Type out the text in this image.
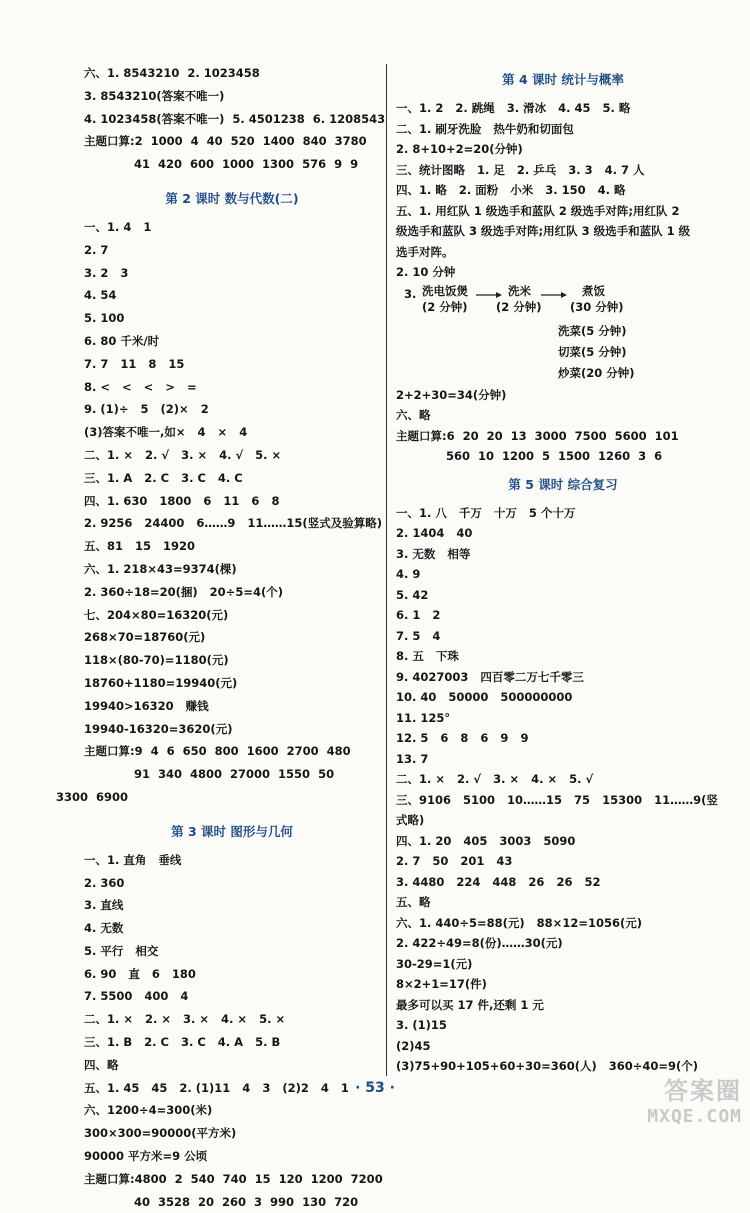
六、1. 8543210  2. 1023458
3. 8543210(答案不唯一)
4. 1023458(答案不唯一)  5. 4501238  6. 1208543
主题口算:2  1000  4  40  520  1400  840  3780
41  420  600  1000  1300  576  9  9
第 2 课时 数与代数(二)
一、1. 4   1
2. 7
3. 2   3
4. 54
5. 100
6. 80 千米/时
7. 7   11   8   15
8. <   <   <   >   =
9. (1)÷   5   (2)×   2
(3)答案不唯一,如×   4   ×   4
二、1. ×   2. √   3. ×   4. √   5. ×
三、1. A   2. C   3. C   4. C
四、1. 630   1800   6   11   6   8
2. 9256   24400   6……9   11……15(竖式及验算略)
五、81   15   1920
六、1. 218×43=9374(棵)
2. 360÷18=20(捆)   20÷5=4(个)
七、204×80=16320(元)
268×70=18760(元)
118×(80-70)=1180(元)
18760+1180=19940(元)
19940>16320   赚钱
19940-16320=3620(元)
主题口算:9  4  6  650  800  1600  2700  480
91  340  4800  27000  1550  50
3300  6900
第 3 课时 图形与几何
一、1. 直角   垂线
2. 360
3. 直线
4. 无数
5. 平行   相交
6. 90   直   6   180
7. 5500   400   4
二、1. ×   2. ×   3. ×   4. ×   5. ×
三、1. B   2. C   3. C   4. A   5. B
四、略
五、1. 45   45   2. (1)11   4   3   (2)2   4   1
六、1200÷4=300(米)
300×300=90000(平方米)
90000 平方米=9 公顷
主题口算:4800  2  540  740  15  120  1200  7200
40  3528  20  260  3  990  130  720
第 4 课时 统计与概率
一、1. 2   2. 跳绳   3. 滑冰   4. 45   5. 略
二、1. 刷牙洗脸   热牛奶和切面包
2. 8+10+2=20(分钟)
三、统计图略   1. 足   2. 乒乓   3. 3   4. 7 人
四、1. 略   2. 面粉   小米   3. 150   4. 略
五、1. 用红队 1 级选手和蓝队 2 级选手对阵;用红队 2
级选手和蓝队 3 级选手对阵;用红队 3 级选手和蓝队 1 级
选手对阵。
2. 10 分钟
3. 洗电饭煲
(2 分钟)
洗米
(2 分钟)
煮饭
(30 分钟)
洗菜(5 分钟)
切菜(5 分钟)
炒菜(20 分钟)
2+2+30=34(分钟)
六、略
主题口算:6  20  20  13  3000  7500  5600  101
560  10  1200  5  1500  1260  3  6
第 5 课时 综合复习
一、1. 八   千万   十万   5 个十万
2. 1404   40
3. 无数   相等
4. 9
5. 42
6. 1   2
7. 5   4
8. 五   下珠
9. 4027003   四百零二万七千零三
10. 40   50000   500000000
11. 125°
12. 5   6   8   6   9   9
13. 7
二、1. ×   2. √   3. ×   4. ×   5. √
三、9106   5100   10……15   75   15300   11……9(竖
式略)
四、1. 20   405   3003   5090
2. 7   50   201   43
3. 4480   224   448   26   26   52
五、略
六、1. 440÷5=88(元)   88×12=1056(元)
2. 422÷49=8(份)……30(元)
30-29=1(元)
8×2+1=17(件)
最多可以买 17 件,还剩 1 元
3. (1)15
(2)45
(3)75+90+105+60+30=360(人)   360÷40=9(个)
· 53 ·	答案圈
MXQE.COM
